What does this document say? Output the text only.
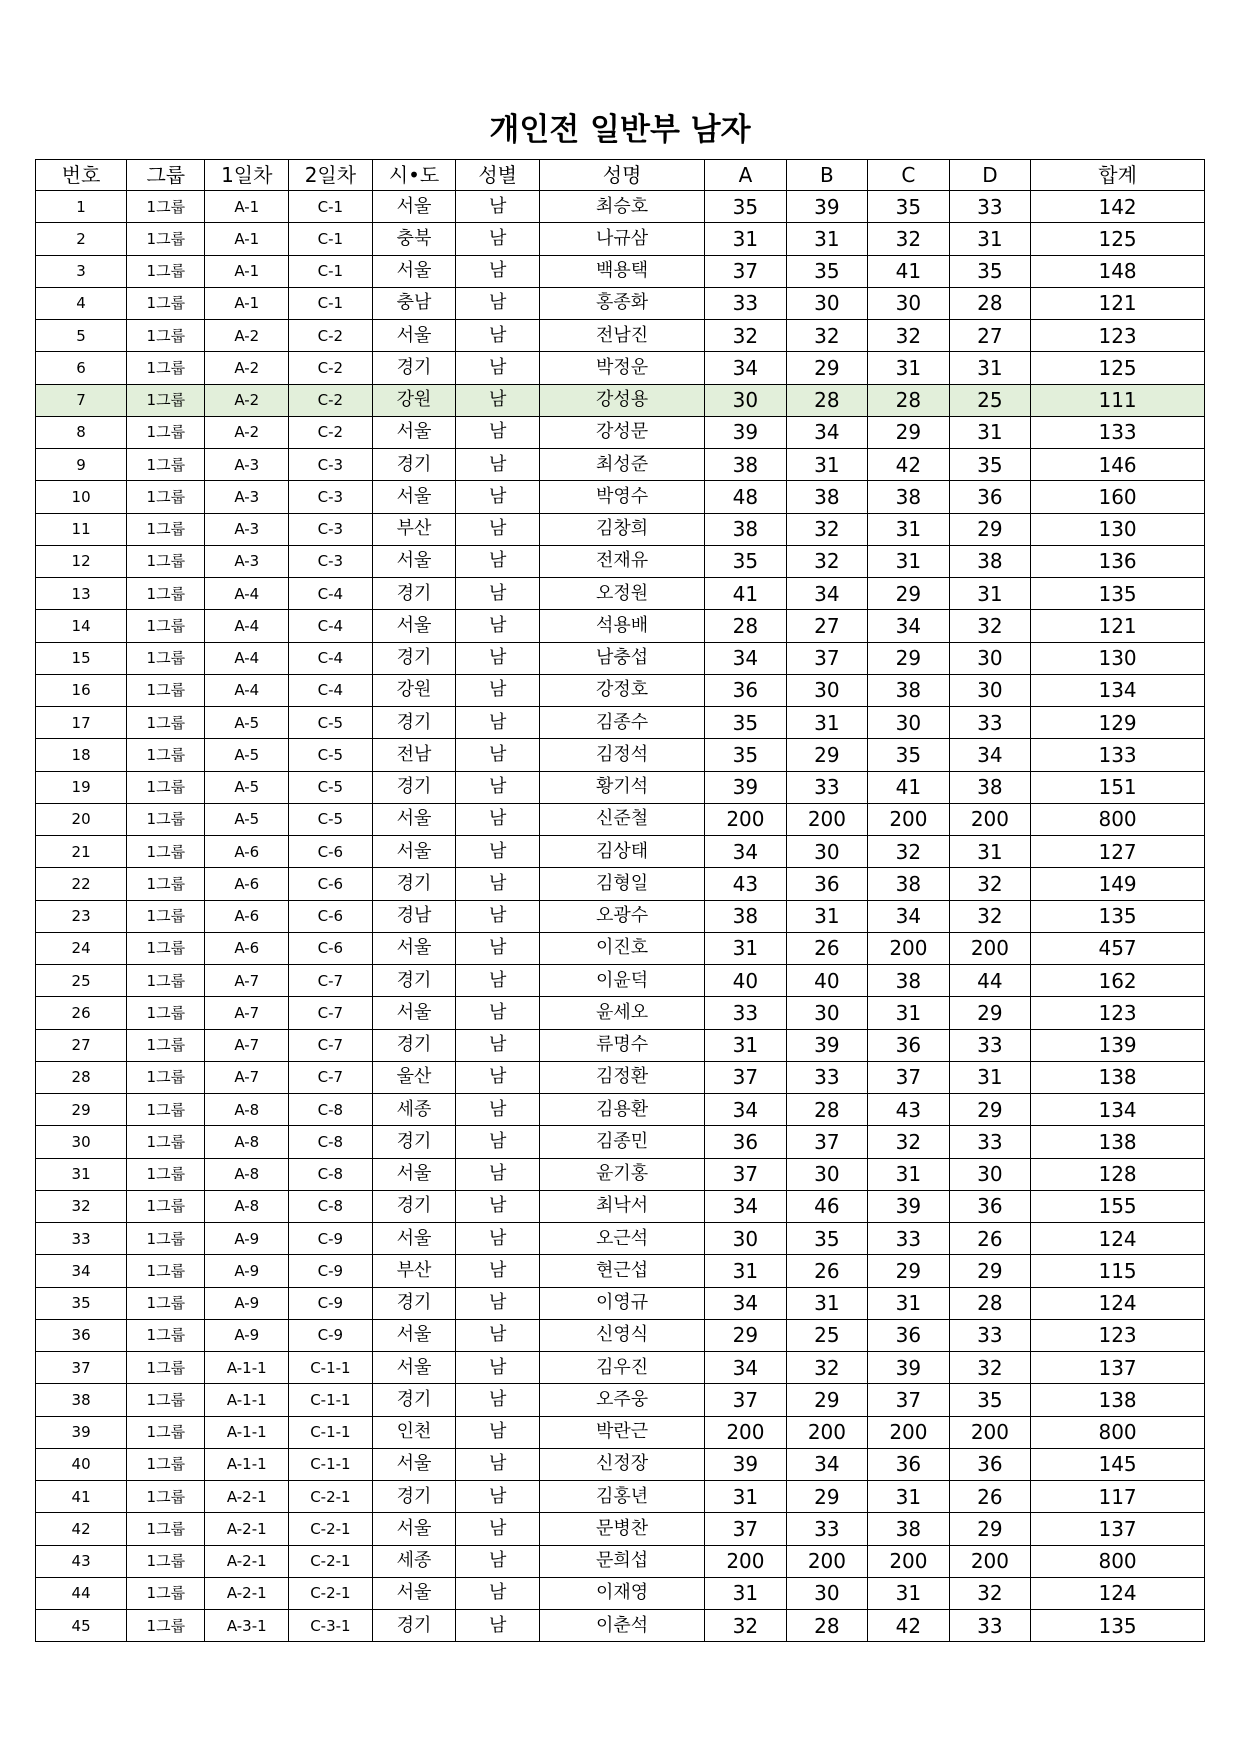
개인전 일반부 남자
번호	그룹	1일차	2일차	시•도	성별	성명	A	B	C	D	합계
1	1그룹	A-1	C-1	서울	남	최승호	35	39	35	33	142
2	1그룹	A-1	C-1	충북	남	나규삼	31	31	32	31	125
3	1그룹	A-1	C-1	서울	남	백용택	37	35	41	35	148
4	1그룹	A-1	C-1	충남	남	홍종화	33	30	30	28	121
5	1그룹	A-2	C-2	서울	남	전남진	32	32	32	27	123
6	1그룹	A-2	C-2	경기	남	박정운	34	29	31	31	125
7	1그룹	A-2	C-2	강원	남	강성용	30	28	28	25	111
8	1그룹	A-2	C-2	서울	남	강성문	39	34	29	31	133
9	1그룹	A-3	C-3	경기	남	최성준	38	31	42	35	146
10	1그룹	A-3	C-3	서울	남	박영수	48	38	38	36	160
11	1그룹	A-3	C-3	부산	남	김창희	38	32	31	29	130
12	1그룹	A-3	C-3	서울	남	전재유	35	32	31	38	136
13	1그룹	A-4	C-4	경기	남	오정원	41	34	29	31	135
14	1그룹	A-4	C-4	서울	남	석용배	28	27	34	32	121
15	1그룹	A-4	C-4	경기	남	남충섭	34	37	29	30	130
16	1그룹	A-4	C-4	강원	남	강정호	36	30	38	30	134
17	1그룹	A-5	C-5	경기	남	김종수	35	31	30	33	129
18	1그룹	A-5	C-5	전남	남	김정석	35	29	35	34	133
19	1그룹	A-5	C-5	경기	남	황기석	39	33	41	38	151
20	1그룹	A-5	C-5	서울	남	신준철	200	200	200	200	800
21	1그룹	A-6	C-6	서울	남	김상태	34	30	32	31	127
22	1그룹	A-6	C-6	경기	남	김형일	43	36	38	32	149
23	1그룹	A-6	C-6	경남	남	오광수	38	31	34	32	135
24	1그룹	A-6	C-6	서울	남	이진호	31	26	200	200	457
25	1그룹	A-7	C-7	경기	남	이윤덕	40	40	38	44	162
26	1그룹	A-7	C-7	서울	남	윤세오	33	30	31	29	123
27	1그룹	A-7	C-7	경기	남	류명수	31	39	36	33	139
28	1그룹	A-7	C-7	울산	남	김정환	37	33	37	31	138
29	1그룹	A-8	C-8	세종	남	김용환	34	28	43	29	134
30	1그룹	A-8	C-8	경기	남	김종민	36	37	32	33	138
31	1그룹	A-8	C-8	서울	남	윤기홍	37	30	31	30	128
32	1그룹	A-8	C-8	경기	남	최낙서	34	46	39	36	155
33	1그룹	A-9	C-9	서울	남	오근석	30	35	33	26	124
34	1그룹	A-9	C-9	부산	남	현근섭	31	26	29	29	115
35	1그룹	A-9	C-9	경기	남	이영규	34	31	31	28	124
36	1그룹	A-9	C-9	서울	남	신영식	29	25	36	33	123
37	1그룹	A-1-1	C-1-1	서울	남	김우진	34	32	39	32	137
38	1그룹	A-1-1	C-1-1	경기	남	오주웅	37	29	37	35	138
39	1그룹	A-1-1	C-1-1	인천	남	박란근	200	200	200	200	800
40	1그룹	A-1-1	C-1-1	서울	남	신정장	39	34	36	36	145
41	1그룹	A-2-1	C-2-1	경기	남	김홍년	31	29	31	26	117
42	1그룹	A-2-1	C-2-1	서울	남	문병찬	37	33	38	29	137
43	1그룹	A-2-1	C-2-1	세종	남	문희섭	200	200	200	200	800
44	1그룹	A-2-1	C-2-1	서울	남	이재영	31	30	31	32	124
45	1그룹	A-3-1	C-3-1	경기	남	이춘석	32	28	42	33	135
